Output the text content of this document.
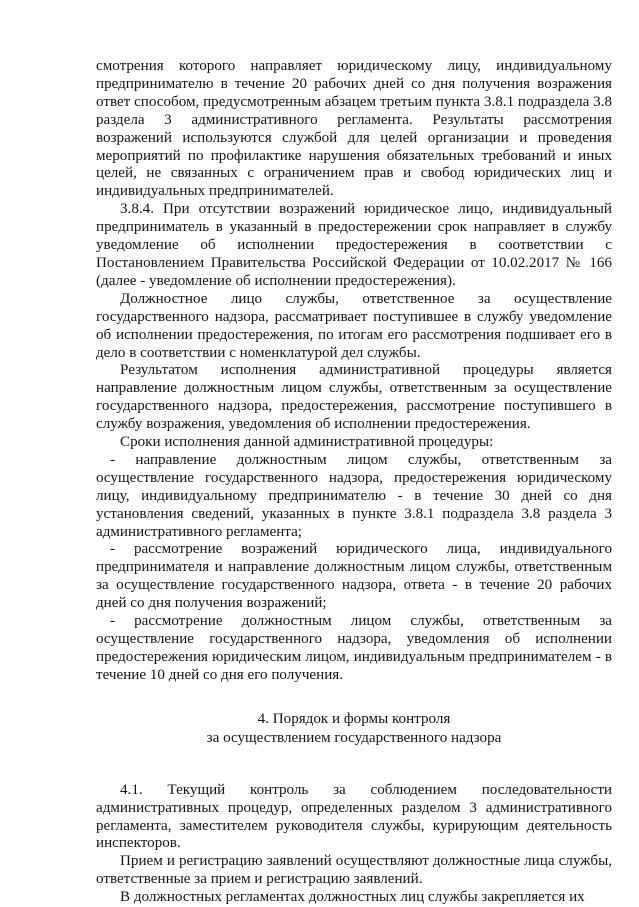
смотрения которого направляет юридическому лицу, индивидуальному предпринимателю в течение 20 рабочих дней со дня получения возражения ответ способом, предусмотренным абзацем третьим пункта 3.8.1 подраздела 3.8 раздела 3 административного регламента. Результаты рассмотрения возражений используются службой для целей организации и проведения мероприятий по профилактике нарушения обязательных требований и иных целей, не связанных с ограничением прав и свобод юридических лиц и индивидуальных предпринимателей.

3.8.4. При отсутствии возражений юридическое лицо, индивидуальный предприниматель в указанный в предостережении срок направляет в службу уведомление об исполнении предостережения в соответствии с Постановлением Правительства Российской Федерации от 10.02.2017 № 166 (далее - уведомление об исполнении предостережения).

Должностное лицо службы, ответственное за осуществление государственного надзора, рассматривает поступившее в службу уведомление об исполнении предостережения, по итогам его рассмотрения подшивает его в дело в соответствии с номенклатурой дел службы.

Результатом исполнения административной процедуры является направление должностным лицом службы, ответственным за осуществление государственного надзора, предостережения, рассмотрение поступившего в службу возражения, уведомления об исполнении предостережения.

Сроки исполнения данной административной процедуры:

- направление должностным лицом службы, ответственным за осуществление государственного надзора, предостережения юридическому лицу, индивидуальному предпринимателю - в течение 30 дней со дня установления сведений, указанных в пункте 3.8.1 подраздела 3.8 раздела 3 административного регламента;

- рассмотрение возражений юридического лица, индивидуального предпринимателя и направление должностным лицом службы, ответственным за осуществление государственного надзора, ответа - в течение 20 рабочих дней со дня получения возражений;

- рассмотрение должностным лицом службы, ответственным за осуществление государственного надзора, уведомления об исполнении предостережения юридическим лицом, индивидуальным предпринимателем - в течение 10 дней со дня его получения.

4. Порядок и формы контроля
за осуществлением государственного надзора

4.1. Текущий контроль за соблюдением последовательности административных процедур, определенных разделом 3 административного регламента, заместителем руководителя службы, курирующим деятельность инспекторов.

Прием и регистрацию заявлений осуществляют должностные лица службы, ответственные за прием и регистрацию заявлений.

В должностных регламентах должностных лиц службы закрепляется их
